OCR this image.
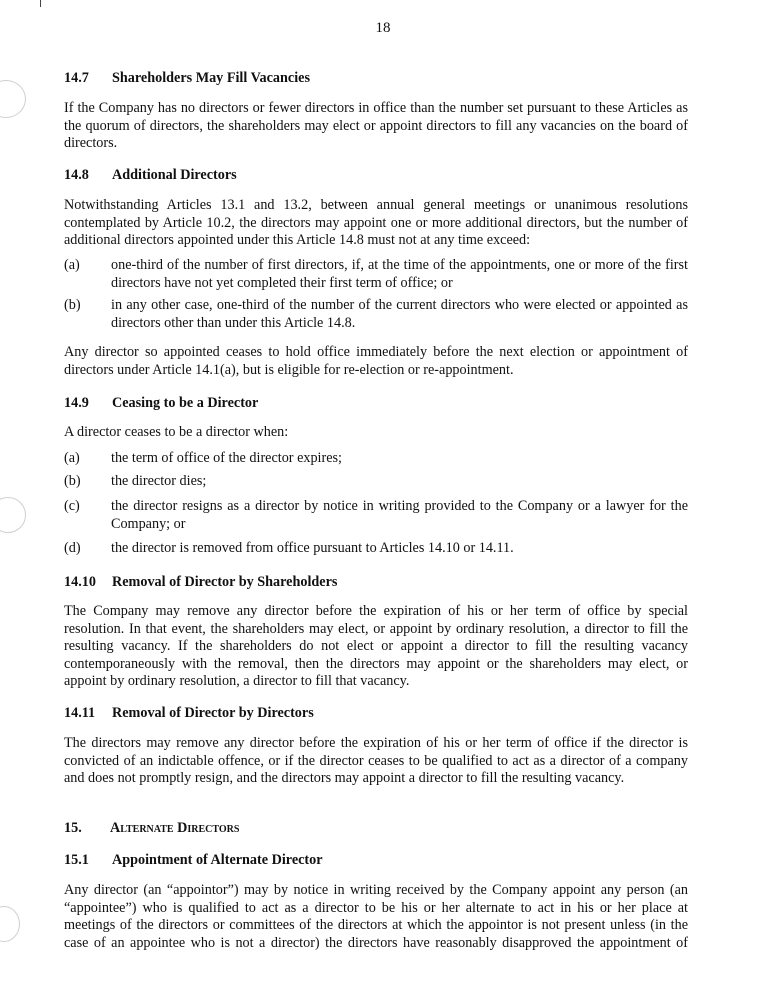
18
14.7 Shareholders May Fill Vacancies
If the Company has no directors or fewer directors in office than the number set pursuant to these Articles as the quorum of directors, the shareholders may elect or appoint directors to fill any vacancies on the board of directors.
14.8 Additional Directors
Notwithstanding Articles 13.1 and 13.2, between annual general meetings or unanimous resolutions contemplated by Article 10.2, the directors may appoint one or more additional directors, but the number of additional directors appointed under this Article 14.8 must not at any time exceed:
(a) one-third of the number of first directors, if, at the time of the appointments, one or more of the first directors have not yet completed their first term of office; or
(b) in any other case, one-third of the number of the current directors who were elected or appointed as directors other than under this Article 14.8.
Any director so appointed ceases to hold office immediately before the next election or appointment of directors under Article 14.1(a), but is eligible for re-election or re-appointment.
14.9 Ceasing to be a Director
A director ceases to be a director when:
(a) the term of office of the director expires;
(b) the director dies;
(c) the director resigns as a director by notice in writing provided to the Company or a lawyer for the Company; or
(d) the director is removed from office pursuant to Articles 14.10 or 14.11.
14.10 Removal of Director by Shareholders
The Company may remove any director before the expiration of his or her term of office by special resolution. In that event, the shareholders may elect, or appoint by ordinary resolution, a director to fill the resulting vacancy. If the shareholders do not elect or appoint a director to fill the resulting vacancy contemporaneously with the removal, then the directors may appoint or the shareholders may elect, or appoint by ordinary resolution, a director to fill that vacancy.
14.11 Removal of Director by Directors
The directors may remove any director before the expiration of his or her term of office if the director is convicted of an indictable offence, or if the director ceases to be qualified to act as a director of a company and does not promptly resign, and the directors may appoint a director to fill the resulting vacancy.
15. Alternate Directors
15.1 Appointment of Alternate Director
Any director (an “appointor”) may by notice in writing received by the Company appoint any person (an “appointee”) who is qualified to act as a director to be his or her alternate to act in his or her place at meetings of the directors or committees of the directors at which the appointor is not present unless (in the case of an appointee who is not a director) the directors have reasonably disapproved the appointment of
